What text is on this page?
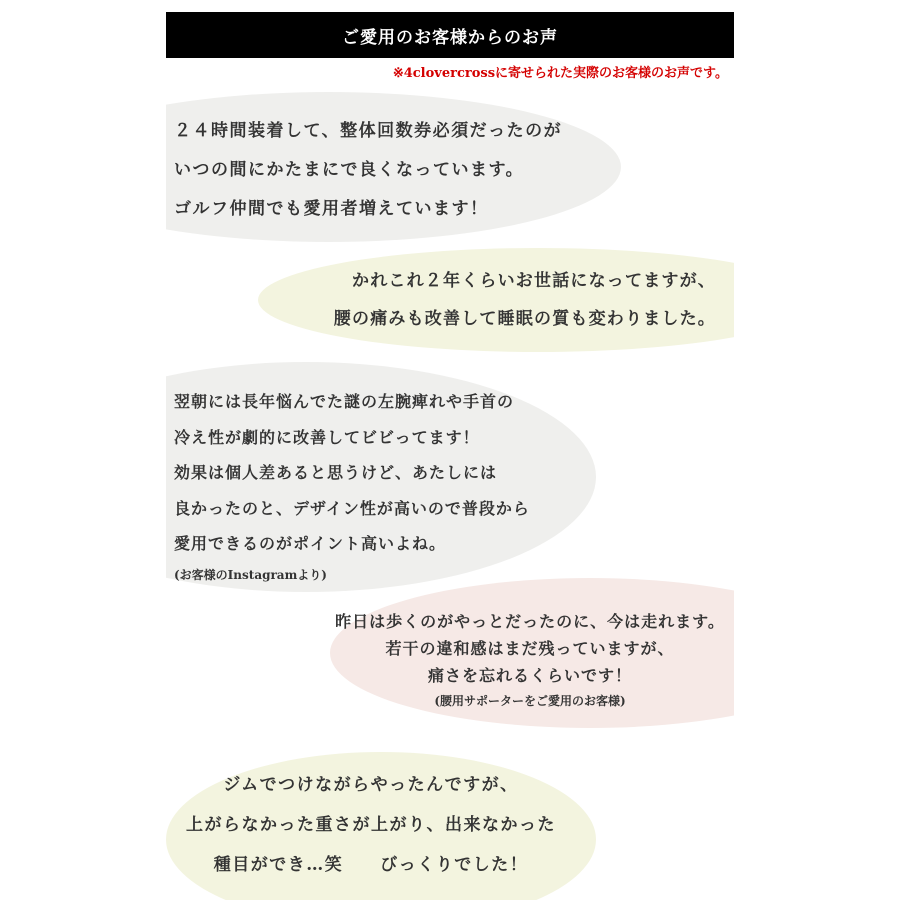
ご愛用のお客様からのお声
※4clovercrossに寄せられた実際のお客様のお声です。
２４時間装着して、整体回数券必須だったのが
いつの間にかたまにで良くなっています。
ゴルフ仲間でも愛用者増えています！
かれこれ２年くらいお世話になってますが、
腰の痛みも改善して睡眠の質も変わりました。
翌朝には長年悩んでた謎の左腕痺れや手首の
冷え性が劇的に改善してビビってます！
効果は個人差あると思うけど、あたしには
良かったのと、デザイン性が高いので普段から
愛用できるのがポイント高いよね。
(お客様のInstagramより)
昨日は歩くのがやっとだったのに、今は走れます。
若干の違和感はまだ残っていますが、
痛さを忘れるくらいです！
(腰用サポーターをご愛用のお客様)
ジムでつけながらやったんですが、
上がらなかった重さが上がり、出来なかった
種目ができ…笑　　びっくりでした！
